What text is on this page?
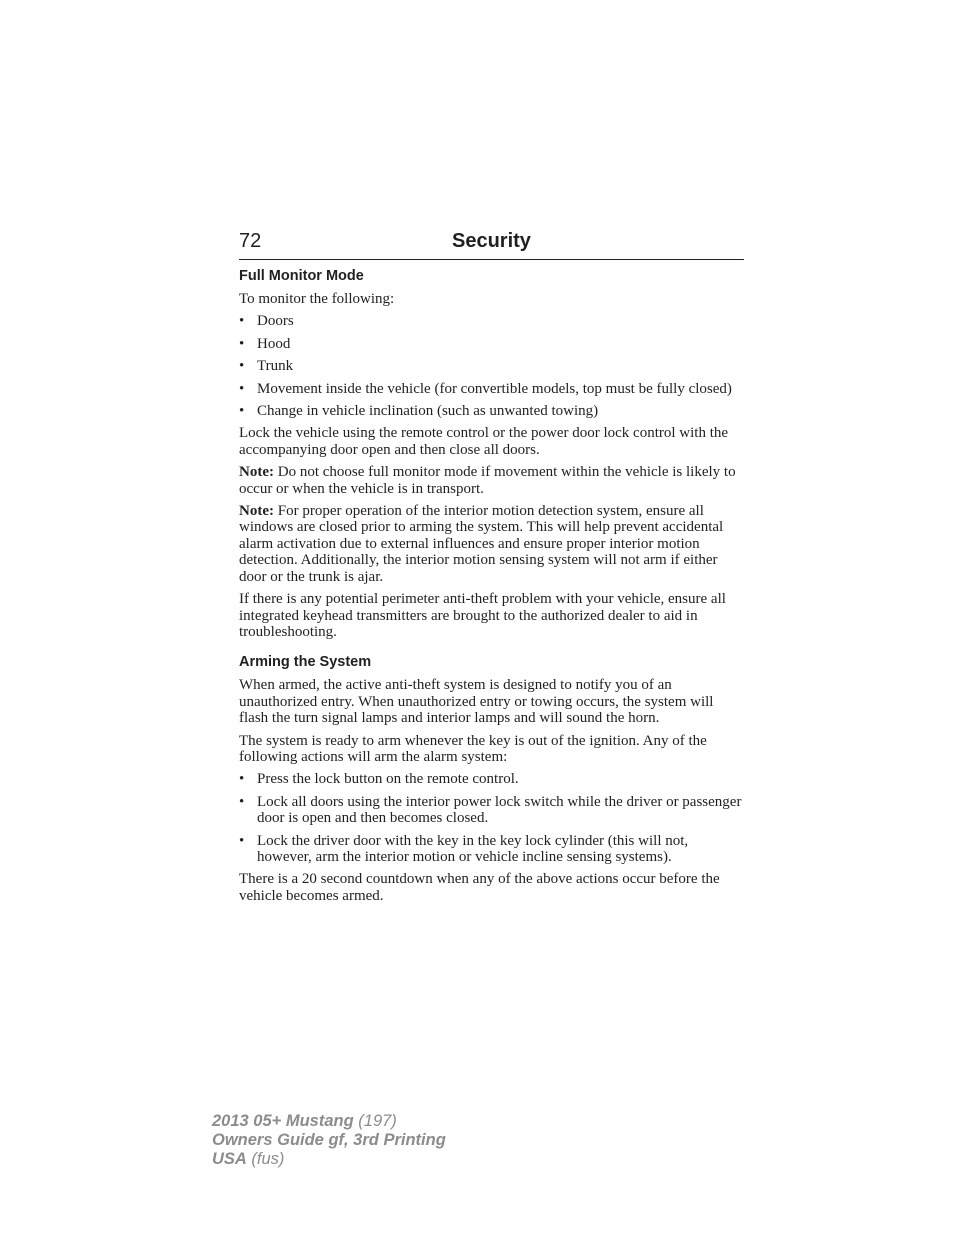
72	Security
Full Monitor Mode

To monitor the following:

• Doors
• Hood
• Trunk
• Movement inside the vehicle (for convertible models, top must be fully closed)
• Change in vehicle inclination (such as unwanted towing)

Lock the vehicle using the remote control or the power door lock control with the accompanying door open and then close all doors.

Note: Do not choose full monitor mode if movement within the vehicle is likely to occur or when the vehicle is in transport.

Note: For proper operation of the interior motion detection system, ensure all windows are closed prior to arming the system. This will help prevent accidental alarm activation due to external influences and ensure proper interior motion detection. Additionally, the interior motion sensing system will not arm if either door or the trunk is ajar.

If there is any potential perimeter anti-theft problem with your vehicle, ensure all integrated keyhead transmitters are brought to the authorized dealer to aid in troubleshooting.

Arming the System

When armed, the active anti-theft system is designed to notify you of an unauthorized entry. When unauthorized entry or towing occurs, the system will flash the turn signal lamps and interior lamps and will sound the horn.

The system is ready to arm whenever the key is out of the ignition. Any of the following actions will arm the alarm system:

• Press the lock button on the remote control.
• Lock all doors using the interior power lock switch while the driver or passenger door is open and then becomes closed.
• Lock the driver door with the key in the key lock cylinder (this will not, however, arm the interior motion or vehicle incline sensing systems).

There is a 20 second countdown when any of the above actions occur before the vehicle becomes armed.

2013 05+ Mustang (197)
Owners Guide gf, 3rd Printing
USA (fus)
